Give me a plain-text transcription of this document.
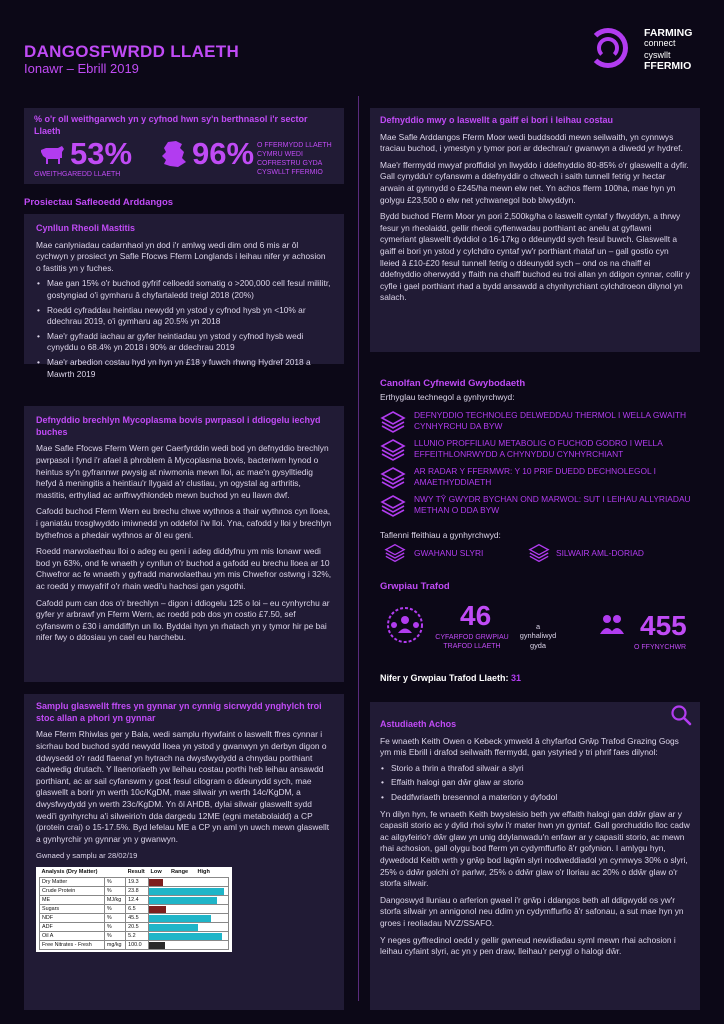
DANGOSFWRDD LLAETH
Ionawr – Ebrill 2019
FARMING
connect
cyswllt
FFERMIO
% o'r oll weithgarwch yn y cyfnod hwn sy'n berthnasol i'r sector Llaeth
53%
GWEITHGAREDD LLAETH
96% O FFERMYDD LLAETH CYMRU WEDI COFRESTRU GYDA CYSWLLT FFERMIO
Prosiectau Safleoedd Arddangos
Cynllun Rheoli Mastitis
Mae canlyniadau cadarnhaol yn dod i'r amlwg wedi dim ond 6 mis ar ôl cychwyn y prosiect yn Safle Ffocws Fferm Longlands i leihau nifer yr achosion o fastitis yn y fuches.
• Mae gan 15% o'r buchod gyfrif celloedd somatig o >200,000 cell fesul mililitr, gostyngiad o'i gymharu â chyfartaledd treigl 2018 (20%)
• Roedd cyfraddau heintiau newydd yn ystod y cyfnod hysb yn <10% ar ddechrau 2019, o'i gymharu ag 20.5% yn 2018
• Mae'r gyfradd iachau ar gyfer heintiadau yn ystod y cyfnod hysb wedi cynyddu o 68.4% yn 2018 i 90% ar ddechrau 2019
• Mae'r arbedion costau hyd yn hyn yn £18 y fuwch rhwng Hydref 2018 a Mawrth 2019
Defnyddio brechlyn Mycoplasma bovis pwrpasol i ddiogelu iechyd buches
Mae Safle Ffocws Fferm Wern ger Caerfyrddin wedi bod yn defnyddio brechlyn pwrpasol i fynd i'r afael â phroblem â Mycoplasma bovis, bacteriwm hynod o heintus sy'n gyfrannwr pwysig at niwmonia mewn lloi, ac mae'n gysylltiedig hefyd â meningitis a heintiau'r llygaid a'r clustiau, yn ogystal ag arthritis, mastitis, erthyliad ac anffrwythlondeb mewn buchod yn eu llawn dwf.
Cafodd buchod Fferm Wern eu brechu chwe wythnos a thair wythnos cyn lloea, i ganiatáu trosglwyddo imiwnedd yn oddefol i'w lloi. Yna, cafodd y lloi y brechlyn bythefnos a phedair wythnos ar ôl eu geni.
Roedd marwolaethau lloi o adeg eu geni i adeg diddyfnu ym mis Ionawr wedi bod yn 63%, ond fe wnaeth y cynllun o'r buchod a gafodd eu brechu lloea ar 10 Chwefror ac fe wnaeth y gyfradd marwolaethau ym mis Chwefror ostwng i 32%, ac roedd y mwyafrif o'r rhain wedi'u hachosi gan ysgothi.
Cafodd pum can dos o'r brechlyn – digon i ddiogelu 125 o loi – eu cynhyrchu ar gyfer yr arbrawf yn Fferm Wern, ac roedd pob dos yn costio £7.50, sef cyfanswm o £30 i amddiffyn un llo. Byddai hyn yn rhatach yn y tymor hir pe bai nifer fwy o ddosiau yn cael eu harchebu.
Samplu glaswellt ffres yn gynnar yn cynnig sicrwydd ynghylch troi stoc allan a phori yn gynnar
Mae Fferm Rhiwlas ger y Bala, wedi samplu rhywfaint o laswellt ffres cynnar i sicrhau bod buchod sydd newydd lloea yn ystod y gwanwyn yn derbyn digon o ddwysedd o'r radd flaenaf yn hytrach na dwysfwydydd a chnydau porthiant cadwedig drutach. Y llaenoriaeth yw lleihau costau porthi heb leihau ansawdd porthiant, ac ar sail cyfanswm y gost fesul cilogram o ddeunydd sych, mae glaswellt a borir yn werth 10c/KgDM, mae silwair yn werth 14c/KgDM, a dwysfwydydd yn werth 23c/KgDM. Yn ôl AHDB, dylai silwair glaswellt sydd wedi'i gynhyrchu a'i silweirio'n dda dargedu 12ME (egni metabolaidd) a CP (protein crai) o 15-17.5%. Byd lefelau ME a CP yn aml yn uwch mewn glaswellt a gynhyrchir yn gynnar yn y gwanwyn.
Gwnaed y samplu ar 28/02/19
Analysis (Dry Matter)		Result	Low Range High
Dry Matter	%	19.3	

Crude Protein	%	23.8	

ME	MJ/kg	12.4	

Sugars	%	6.5	

NDF	%	45.5	

ADF	%	20.5	

Oil A	%	5.2	

Free Nitrates - Fresh	mg/kg	100.0	
Defnyddio mwy o laswellt a gaiff ei bori i leihau costau
Mae Safle Arddangos Fferm Moor wedi buddsoddi mewn seilwaith, yn cynnwys traciau buchod, i ymestyn y tymor pori ar ddechrau'r gwanwyn a diwedd yr hydref.
Mae'r ffermydd mwyaf proffidiol yn llwyddo i ddefnyddio 80-85% o'r glaswellt a dyfir. Gall cynyddu'r cyfanswm a ddefnyddir o chwech i saith tunnell fetrig yr hectar arwain at gynnydd o £245/ha mewn elw net. Yn achos fferm 100ha, mae hyn yn golygu £23,500 o elw net ychwanegol bob blwyddyn.
Bydd buchod Fferm Moor yn pori 2,500kg/ha o laswellt cyntaf y flwyddyn, a thrwy fesur yn rheolaidd, gellir rheoli cyflenwadau porthiant ac anelu at gyflawni cymeriant glaswellt dyddiol o 16-17kg o ddeunydd sych fesul buwch. Glaswellt a gaiff ei bori yn ystod y cylchdro cyntaf yw'r porthiant rhataf un – gall gostio cyn lleied â £10-£20 fesul tunnell fetrig o ddeunydd sych – ond os na chaiff ei ddefnyddio oherwydd y ffaith na chaiff buchod eu troi allan yn ddigon cynnar, collir y cyfle i gael porthiant rhad a bydd ansawdd a chynhyrchiant cylchdroeon dilynol yn salach.
Canolfan Cyfnewid Gwybodaeth
Erthyglau technegol a gynhyrchwyd:
DEFNYDDIO TECHNOLEG DELWEDDAU THERMOL I WELLA GWAITH CYNHYRCHU DA BYW
LLUNIO PROFFILIAU METABOLIG O FUCHOD GODRO I WELLA EFFEITHLONRWYDD A CHYNYDDU CYNHYRCHIANT
AR RADAR Y FFERMWR: Y 10 PRIF DUEDD DECHNOLEGOL I AMAETHYDDIAETH
NWY TŶ GWYDR BYCHAN OND MARWOL: SUT I LEIHAU ALLYRIADAU METHAN O DDA BYW
Taflenni ffeithiau a gynhyrchwyd:
GWAHANU SLYRI	SILWAIR AML-DORIAD
Grwpiau Trafod
46
CYFARFOD GRWPIAU TRAFOD LLAETH
a gynhaliwyd gyda
455
O FFYNYCHWR
Nifer y Grwpiau Trafod Llaeth: 31
Astudiaeth Achos
Fe wnaeth Keith Owen o Kebeck ymweld â chyfarfod Grŵp Trafod Grazing Gogs ym mis Ebrill i drafod seilwaith ffermydd, gan ystyried y tri phrif faes dilynol:
• Storio a thrin a thrafod silwair a slyri
• Effaith halogi gan dŵr glaw ar storio
• Deddfwriaeth bresennol a materion y dyfodol
Yn dilyn hyn, fe wnaeth Keith bwysleisio beth yw effaith halogi gan ddŵr glaw ar y capasiti storio ac y dylid rhoi sylw i'r mater hwn yn gyntaf. Gall gorchuddio lloc cadw ac ailgyfeirio'r dŵr glaw yn unig ddylanwadu'n enfawr ar y capasiti storio, ac mewn rhai achosion, gall olygu bod fferm yn cydymffurfio â'r gofynion. I amlygu hyn, dywedodd Keith wrth y grŵp bod lagŵn slyri nodweddiadol yn cynnwys 30% o slyri, 25% o ddŵr golchi o'r parlwr, 25% o ddŵr glaw o'r lloriau ac 20% o ddŵr glaw o'r storfa silwair.
Dangoswyd lluniau o arferion gwael i'r grŵp i ddangos beth all ddigwydd os yw'r storfa silwair yn annigonol neu ddim yn cydymffurfio â'r safonau, a sut mae hyn yn groes i reoliadau NVZ/SSAFO.
Y neges gyffredinol oedd y gellir gwneud newidiadau syml mewn rhai achosion i leihau cyfaint slyri, ac yn y pen draw, lleihau'r perygl o halogi dŵr.
